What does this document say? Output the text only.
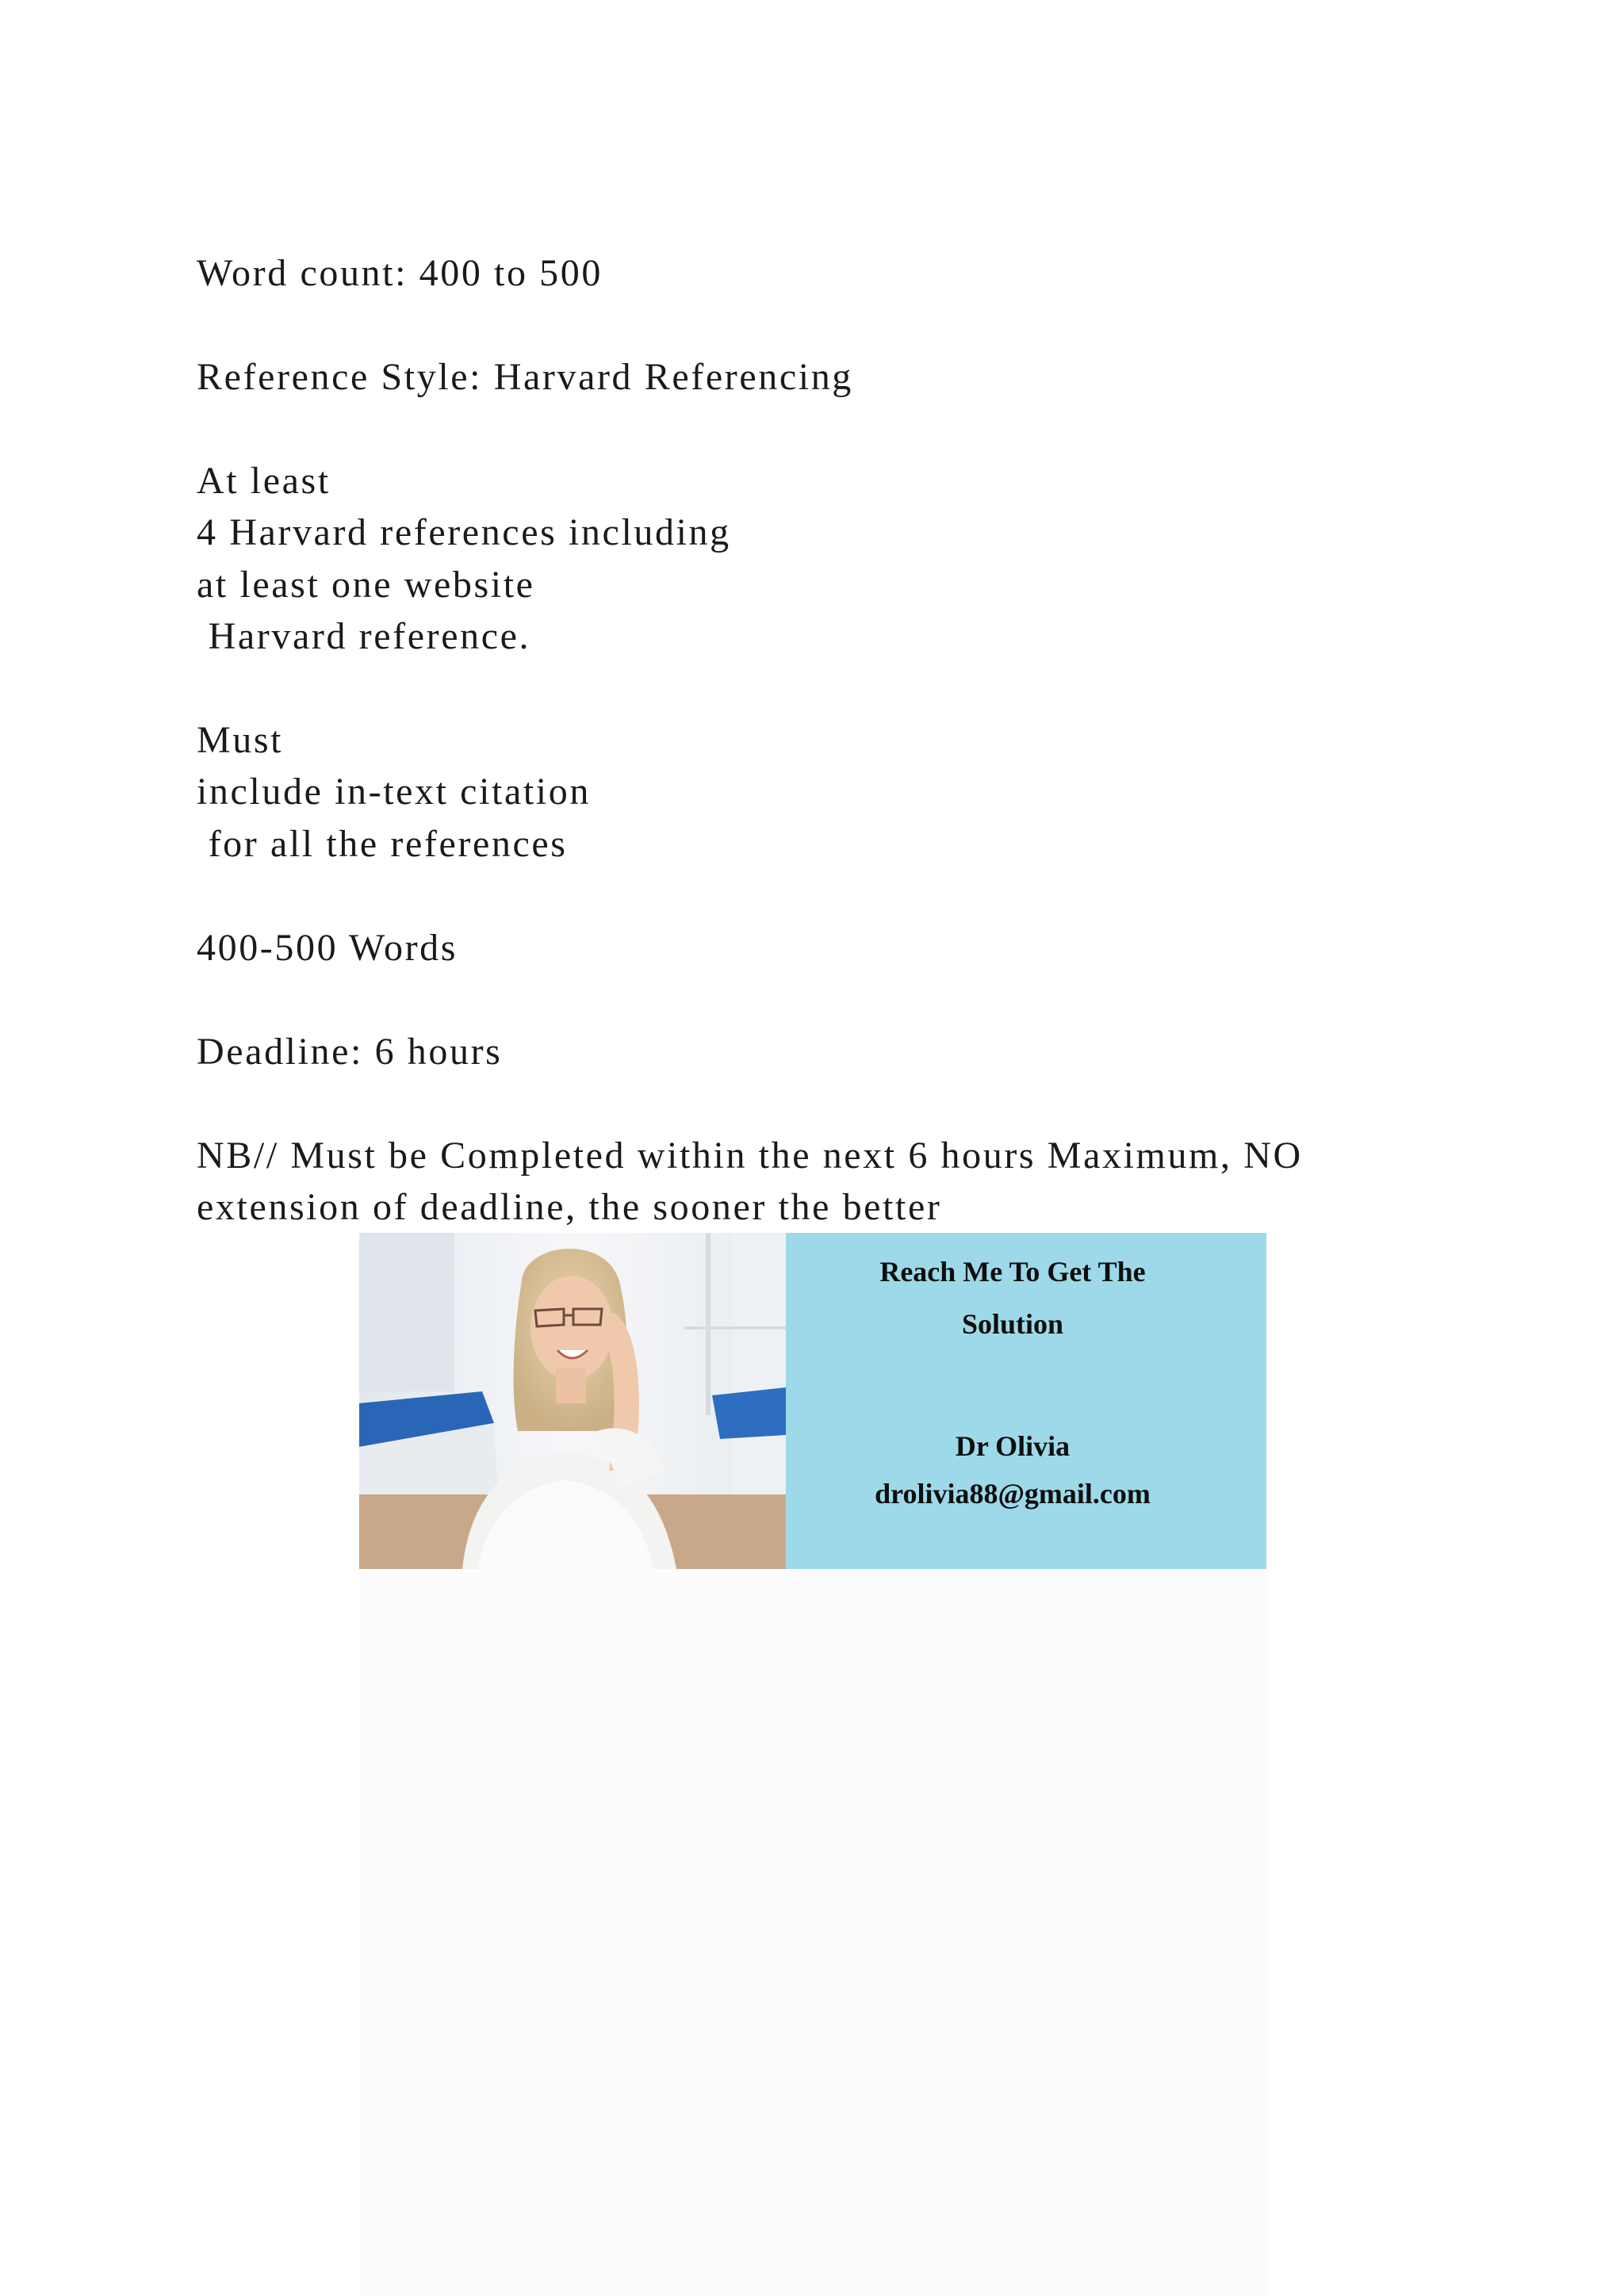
Word count: 400 to 500

Reference Style: Harvard Referencing

At least

4 Harvard references including

at least one website

Harvard reference.

Must

include in-text citation

for all the references

400-500 Words

Deadline: 6 hours

NB// Must be Completed within the next 6 hours Maximum, NO

extension of deadline, the sooner the better

Reach Me To Get The
Solution
Dr Olivia
drolivia88@gmail.com
